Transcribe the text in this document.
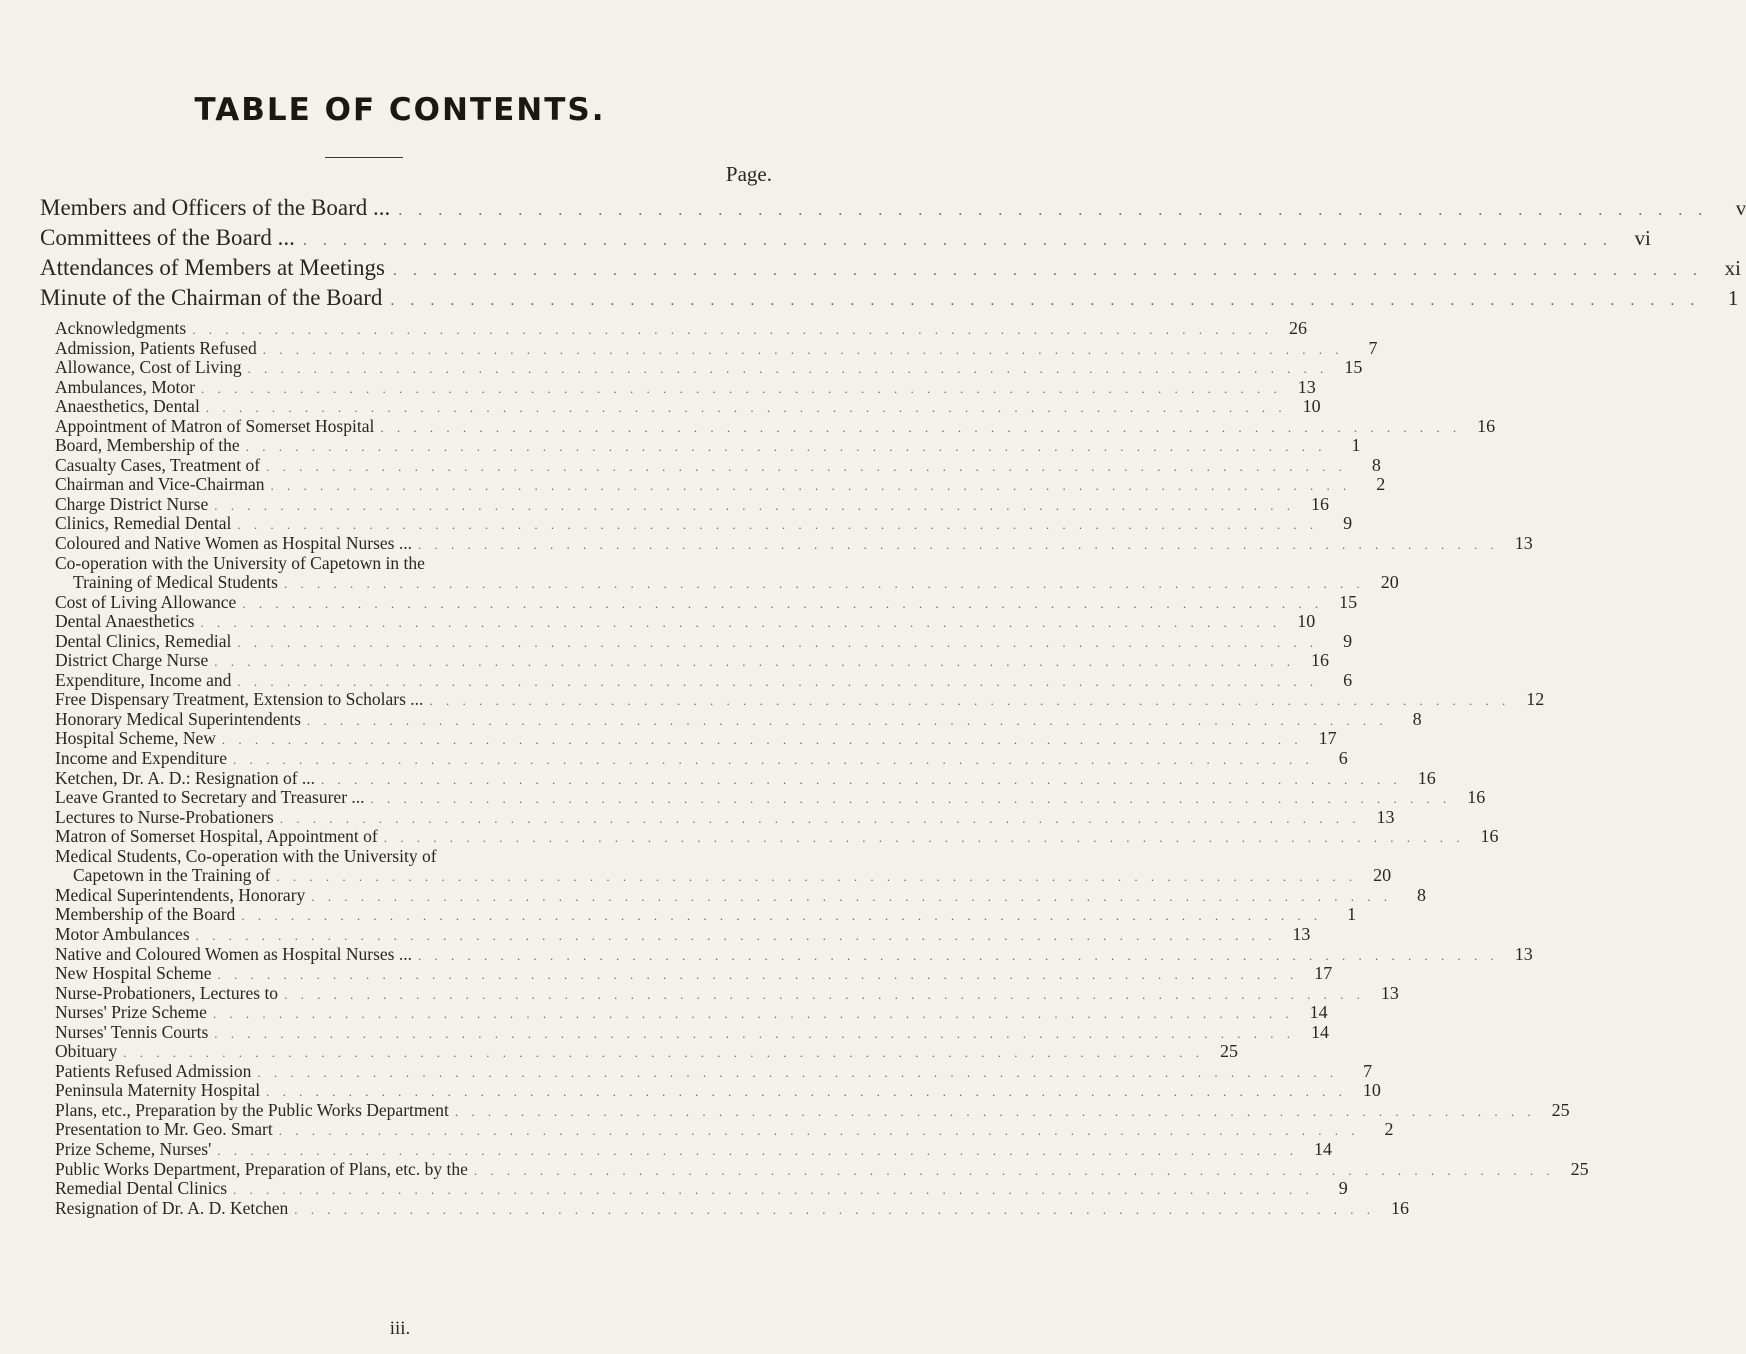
TABLE OF CONTENTS.
Page.
Members and Officers of the Board ... . . . . . . . . . . . . . . . . . . . . . . . . . . . . . . . . . . . . . . . . . . . . . . . . . . . . . . . . . . . . . . . . . .	v
Committees of the Board ... . . . . . . . . . . . . . . . . . . . . . . . . . . . . . . . . . . . . . . . . . . . . . . . . . . . . . . . . . . . . . . . . . .	vi
Attendances of Members at Meetings . . . . . . . . . . . . . . . . . . . . . . . . . . . . . . . . . . . . . . . . . . . . . . . . . . . . . . . . . . . . . . . . . .	xi
Minute of the Chairman of the Board . . . . . . . . . . . . . . . . . . . . . . . . . . . . . . . . . . . . . . . . . . . . . . . . . . . . . . . . . . . . . . . . . .	1
Acknowledgments . . . . . . . . . . . . . . . . . . . . . . . . . . . . . . . . . . . . . . . . . . . . . . . . . . . . . . . . . . . . . . . . . . 26
Admission, Patients Refused . . . . . . . . . . . . . . . . . . . . . . . . . . . . . . . . . . . . . . . . . . . . . . . . . . . . . . . . . . . . . . . . . .	7
Allowance, Cost of Living . . . . . . . . . . . . . . . . . . . . . . . . . . . . . . . . . . . . . . . . . . . . . . . . . . . . . . . . . . . . . . . . . . 15
Ambulances, Motor . . . . . . . . . . . . . . . . . . . . . . . . . . . . . . . . . . . . . . . . . . . . . . . . . . . . . . . . . . . . . . . . . . 13
Anaesthetics, Dental . . . . . . . . . . . . . . . . . . . . . . . . . . . . . . . . . . . . . . . . . . . . . . . . . . . . . . . . . . . . . . . . . . 10
Appointment of Matron of Somerset Hospital . . . . . . . . . . . . . . . . . . . . . . . . . . . . . . . . . . . . . . . . . . . . . . . . . . . . . . . . . . . . . . . . . . 16
Board, Membership of the . . . . . . . . . . . . . . . . . . . . . . . . . . . . . . . . . . . . . . . . . . . . . . . . . . . . . . . . . . . . . . . . . .	1
Casualty Cases, Treatment of . . . . . . . . . . . . . . . . . . . . . . . . . . . . . . . . . . . . . . . . . . . . . . . . . . . . . . . . . . . . . . . . . .	8
Chairman and Vice-Chairman . . . . . . . . . . . . . . . . . . . . . . . . . . . . . . . . . . . . . . . . . . . . . . . . . . . . . . . . . . . . . . . . . .	2
Charge District Nurse . . . . . . . . . . . . . . . . . . . . . . . . . . . . . . . . . . . . . . . . . . . . . . . . . . . . . . . . . . . . . . . . . . 16
Clinics, Remedial Dental . . . . . . . . . . . . . . . . . . . . . . . . . . . . . . . . . . . . . . . . . . . . . . . . . . . . . . . . . . . . . . . . . .	9
Coloured and Native Women as Hospital Nurses ... . . . . . . . . . . . . . . . . . . . . . . . . . . . . . . . . . . . . . . . . . . . . . . . . . . . . . . . . . . . . . . . . . . 13
Co-operation with the University of Capetown in the
Training of Medical Students . . . . . . . . . . . . . . . . . . . . . . . . . . . . . . . . . . . . . . . . . . . . . . . . . . . . . . . . . . . . . . . . . . 20
Cost of Living Allowance . . . . . . . . . . . . . . . . . . . . . . . . . . . . . . . . . . . . . . . . . . . . . . . . . . . . . . . . . . . . . . . . . . 15
Dental Anaesthetics . . . . . . . . . . . . . . . . . . . . . . . . . . . . . . . . . . . . . . . . . . . . . . . . . . . . . . . . . . . . . . . . . . 10
Dental Clinics, Remedial . . . . . . . . . . . . . . . . . . . . . . . . . . . . . . . . . . . . . . . . . . . . . . . . . . . . . . . . . . . . . . . . . .	9
District Charge Nurse . . . . . . . . . . . . . . . . . . . . . . . . . . . . . . . . . . . . . . . . . . . . . . . . . . . . . . . . . . . . . . . . . . 16
Expenditure, Income and . . . . . . . . . . . . . . . . . . . . . . . . . . . . . . . . . . . . . . . . . . . . . . . . . . . . . . . . . . . . . . . . . .	6
Free Dispensary Treatment, Extension to Scholars ... . . . . . . . . . . . . . . . . . . . . . . . . . . . . . . . . . . . . . . . . . . . . . . . . . . . . . . . . . . . . . . . . . . 12
Honorary Medical Superintendents . . . . . . . . . . . . . . . . . . . . . . . . . . . . . . . . . . . . . . . . . . . . . . . . . . . . . . . . . . . . . . . . . .	8
Hospital Scheme, New . . . . . . . . . . . . . . . . . . . . . . . . . . . . . . . . . . . . . . . . . . . . . . . . . . . . . . . . . . . . . . . . . . 17
Income and Expenditure . . . . . . . . . . . . . . . . . . . . . . . . . . . . . . . . . . . . . . . . . . . . . . . . . . . . . . . . . . . . . . . . . .	6
Ketchen, Dr. A. D.: Resignation of ... . . . . . . . . . . . . . . . . . . . . . . . . . . . . . . . . . . . . . . . . . . . . . . . . . . . . . . . . . . . . . . . . . . 16
Leave Granted to Secretary and Treasurer ... . . . . . . . . . . . . . . . . . . . . . . . . . . . . . . . . . . . . . . . . . . . . . . . . . . . . . . . . . . . . . . . . . . 16
Lectures to Nurse-Probationers . . . . . . . . . . . . . . . . . . . . . . . . . . . . . . . . . . . . . . . . . . . . . . . . . . . . . . . . . . . . . . . . . . 13
Matron of Somerset Hospital, Appointment of . . . . . . . . . . . . . . . . . . . . . . . . . . . . . . . . . . . . . . . . . . . . . . . . . . . . . . . . . . . . . . . . . . 16
Medical Students, Co-operation with the University of
Capetown in the Training of . . . . . . . . . . . . . . . . . . . . . . . . . . . . . . . . . . . . . . . . . . . . . . . . . . . . . . . . . . . . . . . . . . 20
Medical Superintendents, Honorary . . . . . . . . . . . . . . . . . . . . . . . . . . . . . . . . . . . . . . . . . . . . . . . . . . . . . . . . . . . . . . . . . .	8
Membership of the Board . . . . . . . . . . . . . . . . . . . . . . . . . . . . . . . . . . . . . . . . . . . . . . . . . . . . . . . . . . . . . . . . . .	1
Motor Ambulances . . . . . . . . . . . . . . . . . . . . . . . . . . . . . . . . . . . . . . . . . . . . . . . . . . . . . . . . . . . . . . . . . . 13
Native and Coloured Women as Hospital Nurses ... . . . . . . . . . . . . . . . . . . . . . . . . . . . . . . . . . . . . . . . . . . . . . . . . . . . . . . . . . . . . . . . . . . 13
New Hospital Scheme . . . . . . . . . . . . . . . . . . . . . . . . . . . . . . . . . . . . . . . . . . . . . . . . . . . . . . . . . . . . . . . . . . 17
Nurse-Probationers, Lectures to . . . . . . . . . . . . . . . . . . . . . . . . . . . . . . . . . . . . . . . . . . . . . . . . . . . . . . . . . . . . . . . . . . 13
Nurses' Prize Scheme . . . . . . . . . . . . . . . . . . . . . . . . . . . . . . . . . . . . . . . . . . . . . . . . . . . . . . . . . . . . . . . . . . 14
Nurses' Tennis Courts . . . . . . . . . . . . . . . . . . . . . . . . . . . . . . . . . . . . . . . . . . . . . . . . . . . . . . . . . . . . . . . . . . 14
Obituary . . . . . . . . . . . . . . . . . . . . . . . . . . . . . . . . . . . . . . . . . . . . . . . . . . . . . . . . . . . . . . . . . . 25
Patients Refused Admission . . . . . . . . . . . . . . . . . . . . . . . . . . . . . . . . . . . . . . . . . . . . . . . . . . . . . . . . . . . . . . . . . .	7
Peninsula Maternity Hospital . . . . . . . . . . . . . . . . . . . . . . . . . . . . . . . . . . . . . . . . . . . . . . . . . . . . . . . . . . . . . . . . . . 10
Plans, etc., Preparation by the Public Works Department . . . . . . . . . . . . . . . . . . . . . . . . . . . . . . . . . . . . . . . . . . . . . . . . . . . . . . . . . . . . . . . . . . 25
Presentation to Mr. Geo. Smart . . . . . . . . . . . . . . . . . . . . . . . . . . . . . . . . . . . . . . . . . . . . . . . . . . . . . . . . . . . . . . . . . .	2
Prize Scheme, Nurses' . . . . . . . . . . . . . . . . . . . . . . . . . . . . . . . . . . . . . . . . . . . . . . . . . . . . . . . . . . . . . . . . . . 14
Public Works Department, Preparation of Plans, etc. by the . . . . . . . . . . . . . . . . . . . . . . . . . . . . . . . . . . . . . . . . . . . . . . . . . . . . . . . . . . . . . . . . . . 25
Remedial Dental Clinics . . . . . . . . . . . . . . . . . . . . . . . . . . . . . . . . . . . . . . . . . . . . . . . . . . . . . . . . . . . . . . . . . .	9
Resignation of Dr. A. D. Ketchen . . . . . . . . . . . . . . . . . . . . . . . . . . . . . . . . . . . . . . . . . . . . . . . . . . . . . . . . . . . . . . . . . . 16
iii.
